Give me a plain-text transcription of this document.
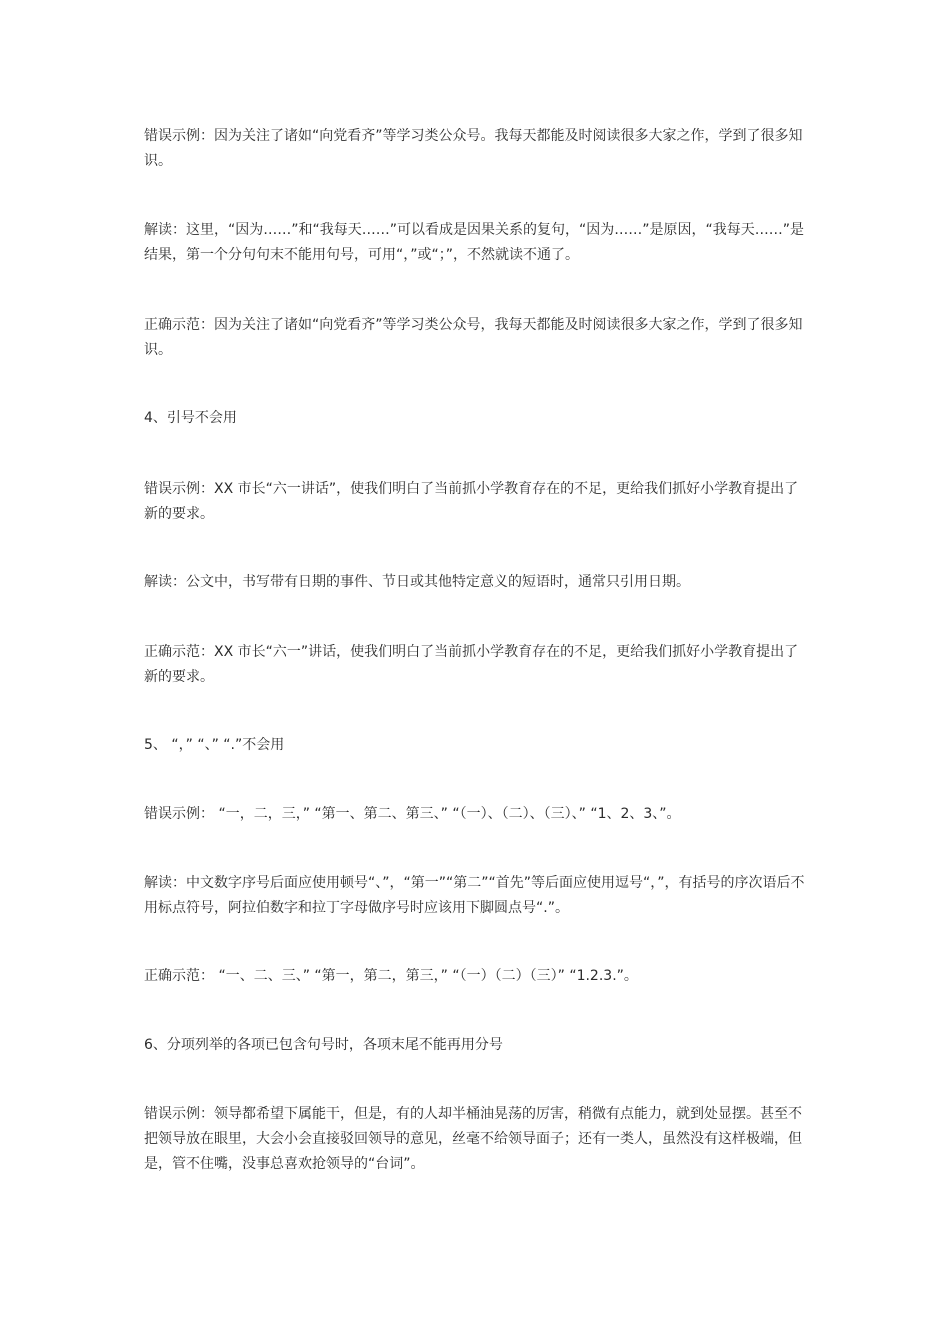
错误示例：因为关注了诸如“向党看齐”等学习类公众号。我每天都能及时阅读很多大家之作，学到了很多知识。

解读：这里，“因为……”和“我每天……”可以看成是因果关系的复句，“因为……”是原因，“我每天……”是结果，第一个分句句末不能用句号，可用“，”或“；”，不然就读不通了。

正确示范：因为关注了诸如“向党看齐”等学习类公众号，我每天都能及时阅读很多大家之作，学到了很多知识。

4、引号不会用

错误示例：XX 市长“六一讲话”，使我们明白了当前抓小学教育存在的不足，更给我们抓好小学教育提出了新的要求。

解读：公文中，书写带有日期的事件、节日或其他特定意义的短语时，通常只引用日期。

正确示范：XX 市长“六一”讲话，使我们明白了当前抓小学教育存在的不足，更给我们抓好小学教育提出了新的要求。

5、 “，” “、” “.”不会用

错误示例： “一，二，三，” “第一、第二、第三、” “（一）、（二）、（三）、” “1、2、3、”。

解读：中文数字序号后面应使用顿号“、”，“第一”“第二”“首先”等后面应使用逗号“，”，有括号的序次语后不用标点符号，阿拉伯数字和拉丁字母做序号时应该用下脚圆点号“.”。

正确示范： “一、二、三、” “第一，第二，第三，” “（一）（二）（三）” “1.2.3.”。

6、分项列举的各项已包含句号时，各项末尾不能再用分号

错误示例：领导都希望下属能干，但是，有的人却半桶油晃荡的厉害，稍微有点能力，就到处显摆。甚至不把领导放在眼里，大会小会直接驳回领导的意见，丝毫不给领导面子；还有一类人，虽然没有这样极端，但是，管不住嘴，没事总喜欢抢领导的“台词”。
